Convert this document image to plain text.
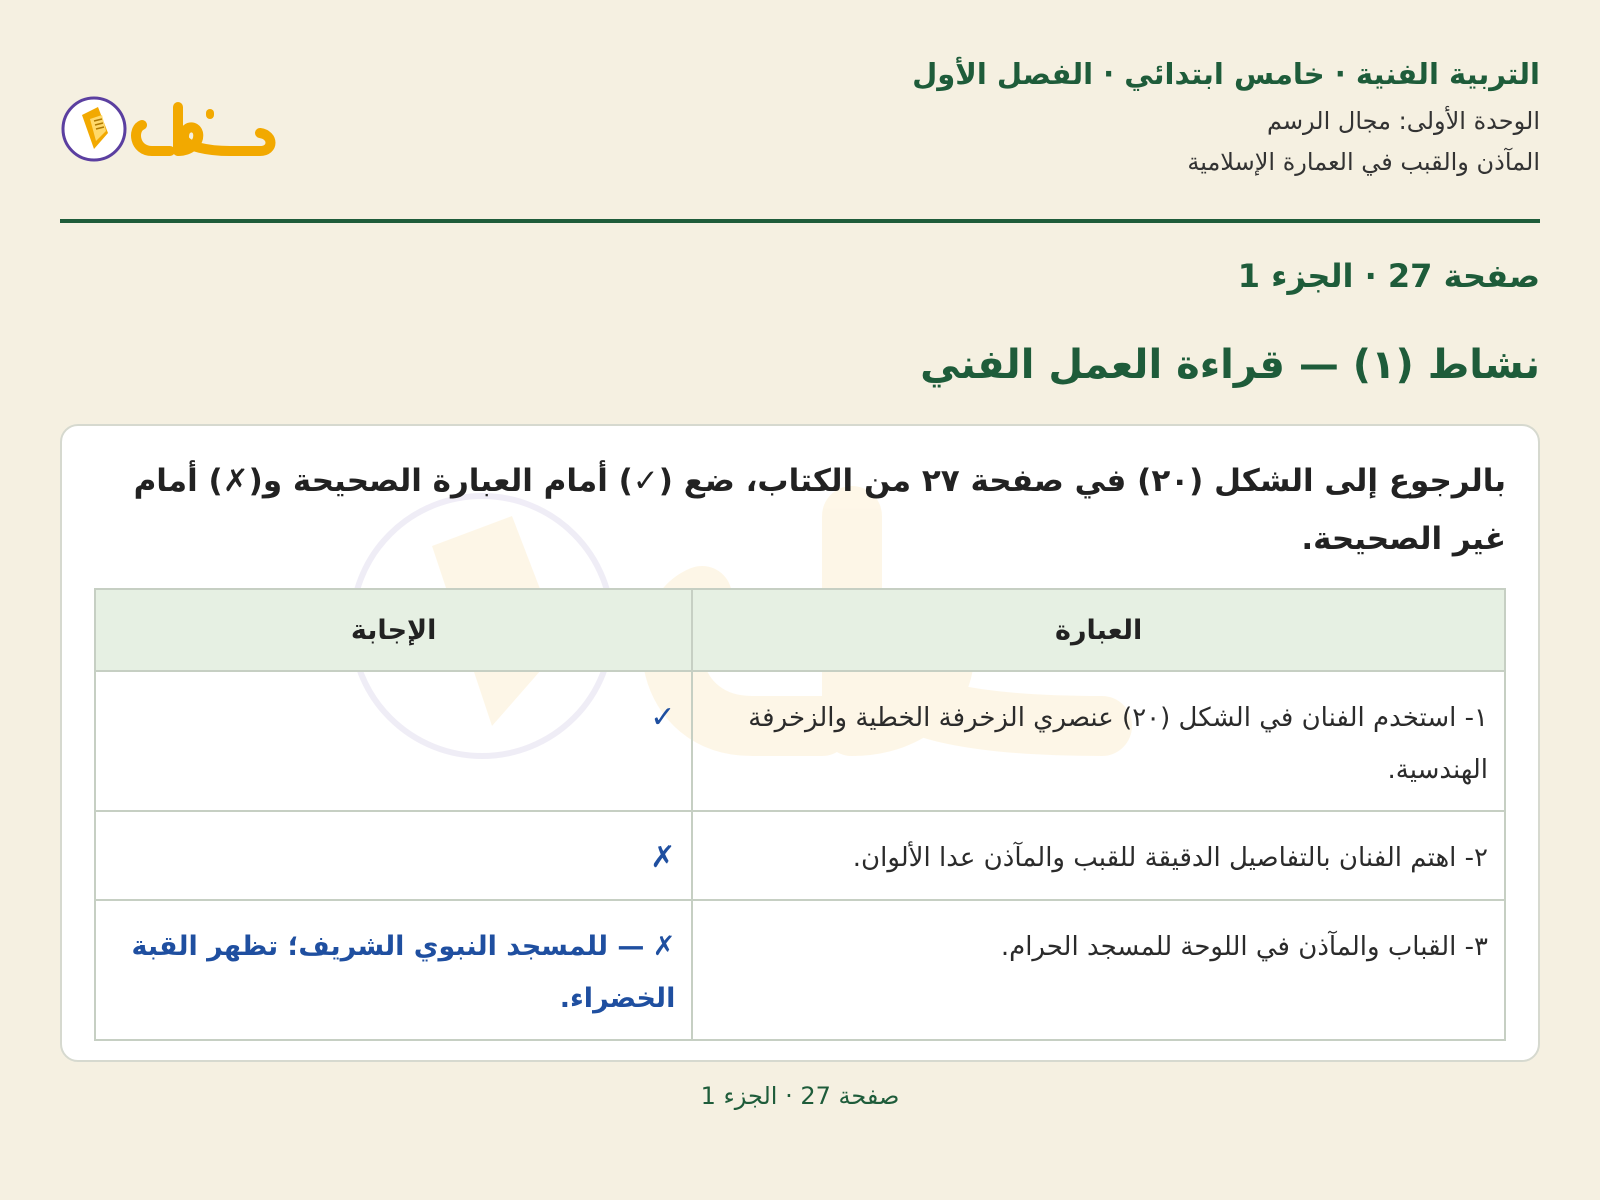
التربية الفنية · خامس ابتدائي · الفصل الأول
الوحدة الأولى: مجال الرسم
المآذن والقبب في العمارة الإسلامية
صفحة 27 · الجزء 1
نشاط (١) — قراءة العمل الفني

بالرجوع إلى الشكل (٢٠) في صفحة ٢٧ من الكتاب، ضع (✓) أمام العبارة الصحيحة و(✗) أمام غير الصحيحة.

العبارة	الإجابة
١- استخدم الفنان في الشكل (٢٠) عنصري الزخرفة الخطية والزخرفة الهندسية.	✓
٢- اهتم الفنان بالتفاصيل الدقيقة للقبب والمآذن عدا الألوان.	✗
٣- القباب والمآذن في اللوحة للمسجد الحرام.	✗ — للمسجد النبوي الشريف؛ تظهر القبة الخضراء.
صفحة 27 · الجزء 1
